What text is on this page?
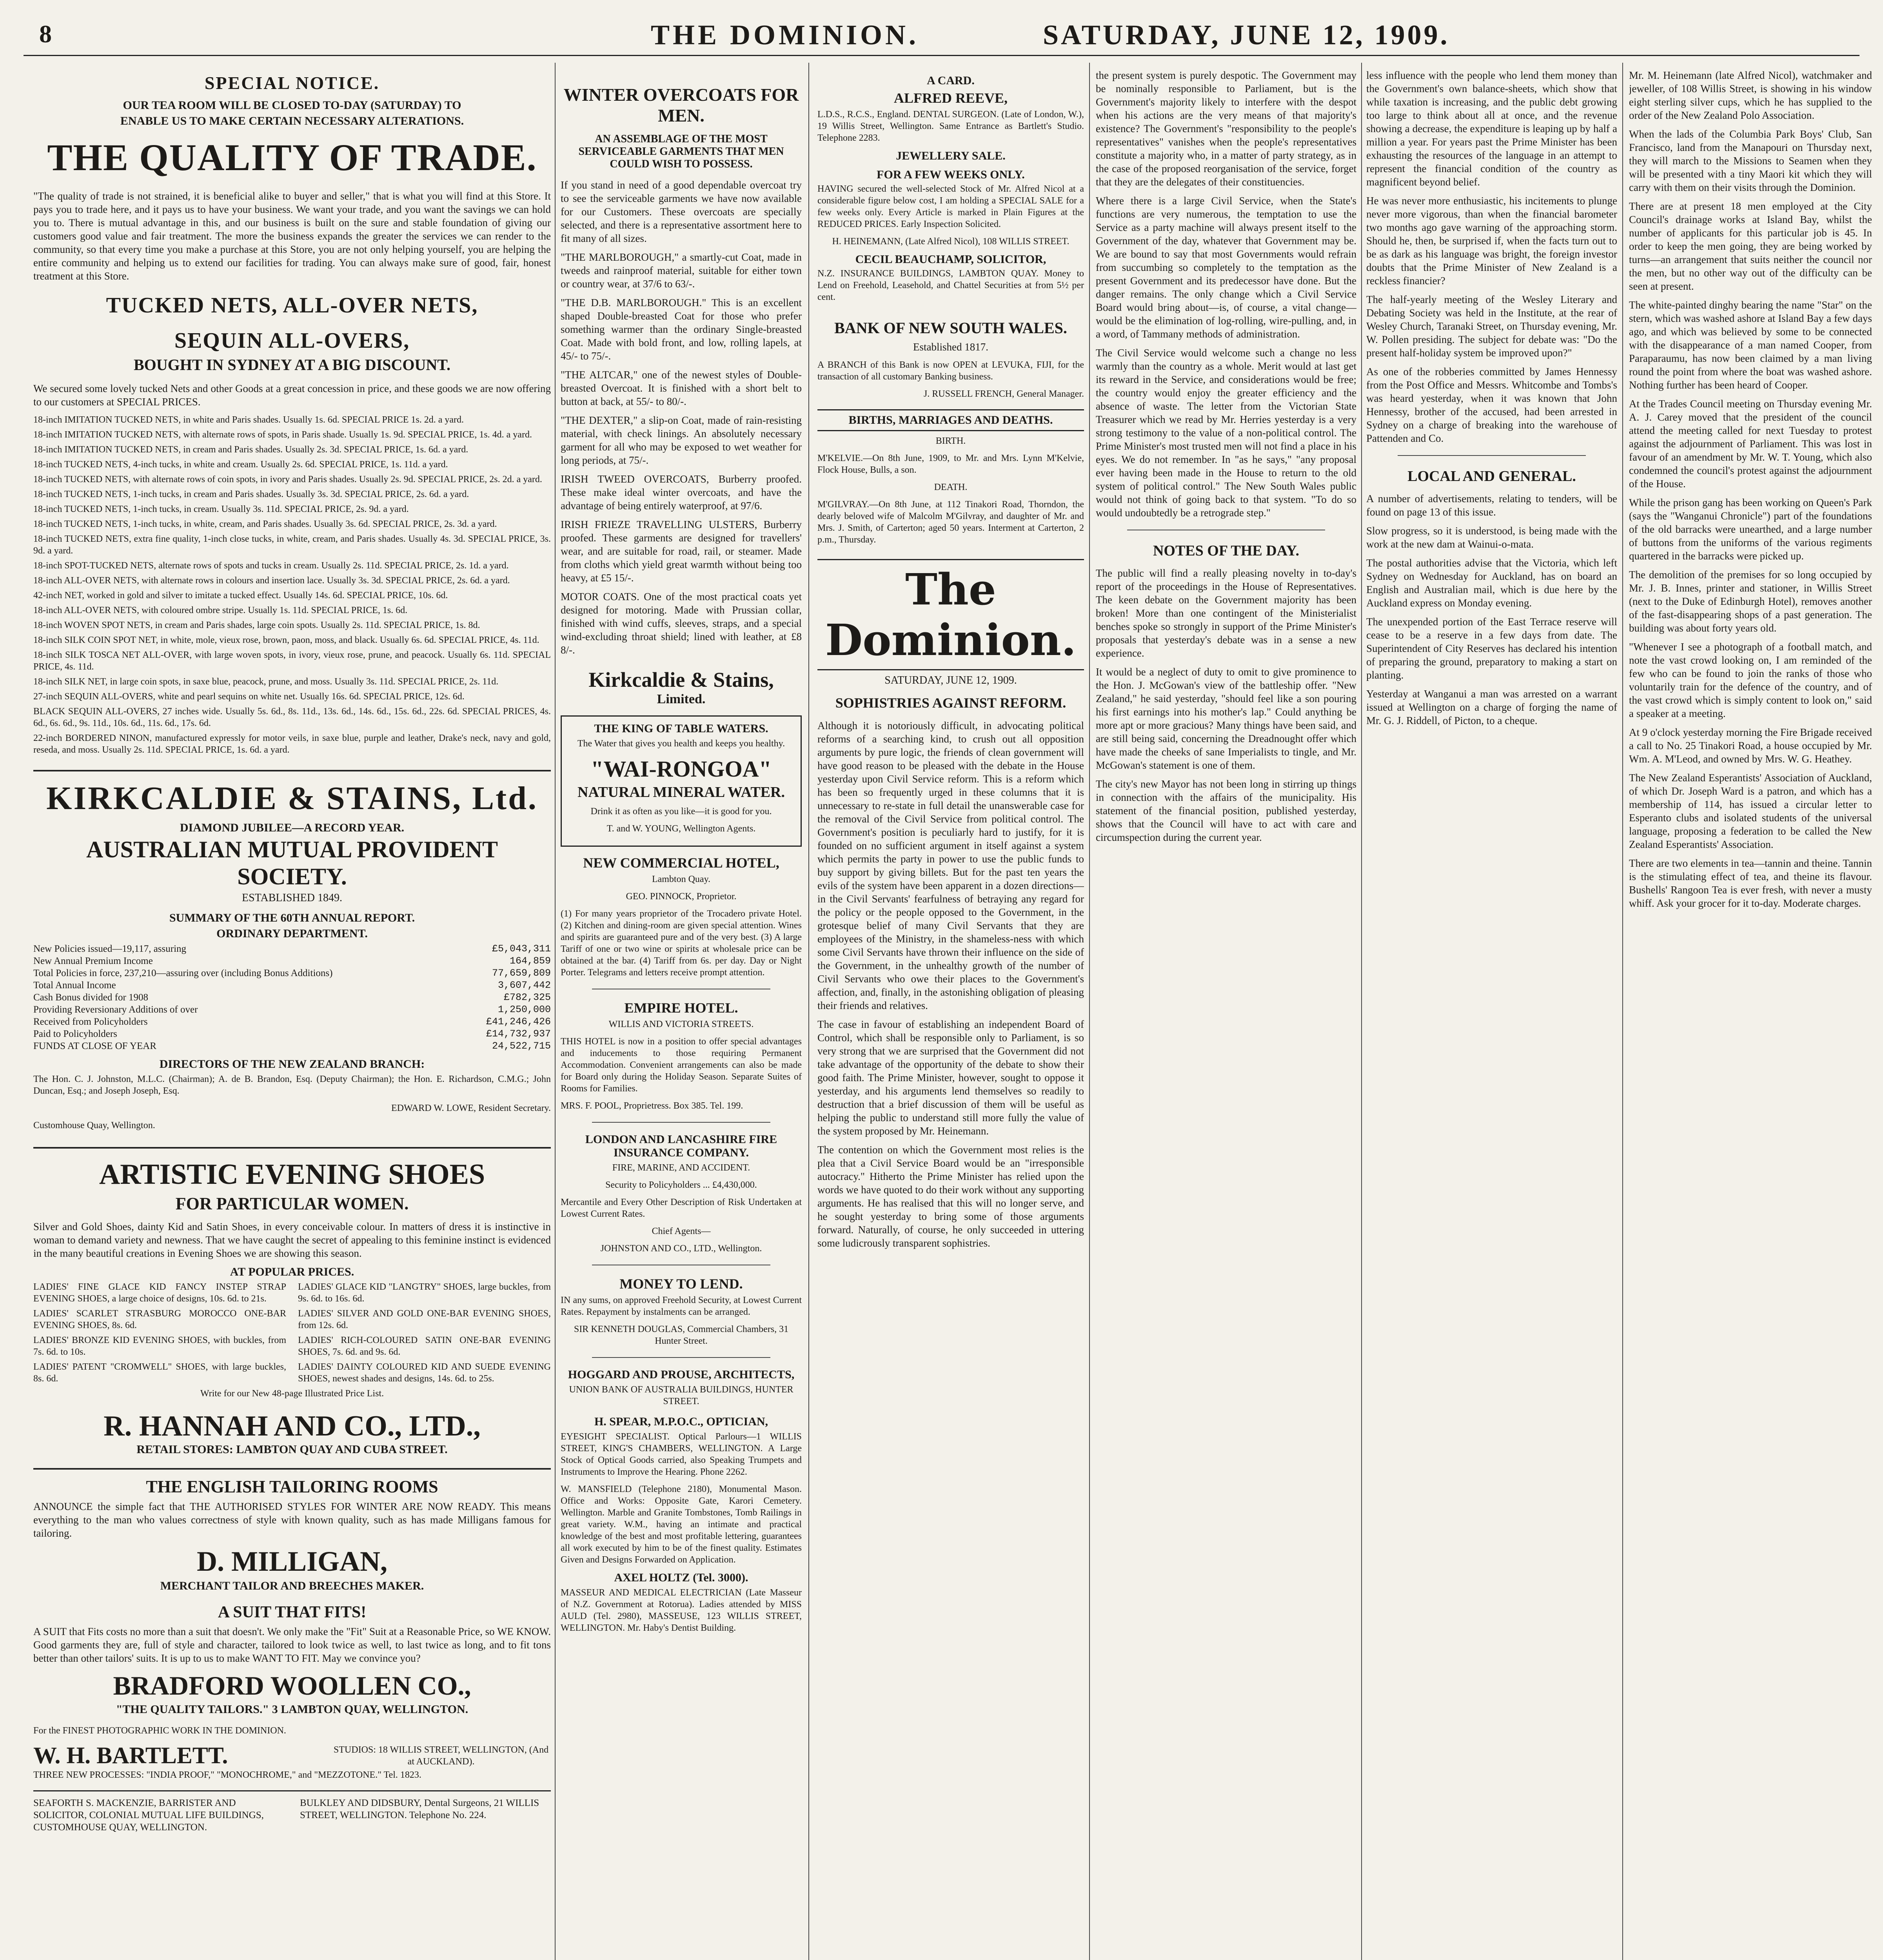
8	THE DOMINION.	SATURDAY, JUNE 12, 1909.
SPECIAL NOTICE.
OUR TEA ROOM WILL BE CLOSED TO-DAY (SATURDAY) TO
ENABLE US TO MAKE CERTAIN NECESSARY ALTERATIONS.
THE QUALITY OF TRADE.

"The quality of trade is not strained, it is beneficial alike to buyer and seller," that is what you will find at this Store. It pays you to trade here, and it pays us to have your business. We want your trade, and you want the savings we can hold you to. There is mutual advantage in this, and our business is built on the sure and stable foundation of giving our customers good value and fair treatment. The more the business expands the greater the services we can render to the community, so that every time you make a purchase at this Store, you are not only helping yourself, you are helping the entire community and helping us to extend our facilities for trading. You can always make sure of good, fair, honest treatment at this Store.

TUCKED NETS, ALL-OVER NETS,
SEQUIN ALL-OVERS,
BOUGHT IN SYDNEY AT A BIG DISCOUNT.

We secured some lovely tucked Nets and other Goods at a great concession in price, and these goods we are now offering to our customers at SPECIAL PRICES.

18-inch IMITATION TUCKED NETS, in white and Paris shades. Usually 1s. 6d. SPECIAL PRICE 1s. 2d. a yard.

18-inch IMITATION TUCKED NETS, with alternate rows of spots, in Paris shade. Usually 1s. 9d. SPECIAL PRICE, 1s. 4d. a yard.

18-inch IMITATION TUCKED NETS, in cream and Paris shades. Usually 2s. 3d. SPECIAL PRICE, 1s. 6d. a yard.

18-inch TUCKED NETS, 4-inch tucks, in white and cream. Usually 2s. 6d. SPECIAL PRICE, 1s. 11d. a yard.

18-inch TUCKED NETS, with alternate rows of coin spots, in ivory and Paris shades. Usually 2s. 9d. SPECIAL PRICE, 2s. 2d. a yard.

18-inch TUCKED NETS, 1-inch tucks, in cream and Paris shades. Usually 3s. 3d. SPECIAL PRICE, 2s. 6d. a yard.

18-inch TUCKED NETS, 1-inch tucks, in cream. Usually 3s. 11d. SPECIAL PRICE, 2s. 9d. a yard.

18-inch TUCKED NETS, 1-inch tucks, in white, cream, and Paris shades. Usually 3s. 6d. SPECIAL PRICE, 2s. 3d. a yard.

18-inch TUCKED NETS, extra fine quality, 1-inch close tucks, in white, cream, and Paris shades. Usually 4s. 3d. SPECIAL PRICE, 3s. 9d. a yard.

18-inch SPOT-TUCKED NETS, alternate rows of spots and tucks in cream. Usually 2s. 11d. SPECIAL PRICE, 2s. 1d. a yard.

18-inch ALL-OVER NETS, with alternate rows in colours and insertion lace. Usually 3s. 3d. SPECIAL PRICE, 2s. 6d. a yard.

42-inch NET, worked in gold and silver to imitate a tucked effect. Usually 14s. 6d. SPECIAL PRICE, 10s. 6d.

18-inch ALL-OVER NETS, with coloured ombre stripe. Usually 1s. 11d. SPECIAL PRICE, 1s. 6d.

18-inch WOVEN SPOT NETS, in cream and Paris shades, large coin spots. Usually 2s. 11d. SPECIAL PRICE, 1s. 8d.

18-inch SILK COIN SPOT NET, in white, mole, vieux rose, brown, paon, moss, and black. Usually 6s. 6d. SPECIAL PRICE, 4s. 11d.

18-inch SILK TOSCA NET ALL-OVER, with large woven spots, in ivory, vieux rose, prune, and peacock. Usually 6s. 11d. SPECIAL PRICE, 4s. 11d.

18-inch SILK NET, in large coin spots, in saxe blue, peacock, prune, and moss. Usually 3s. 11d. SPECIAL PRICE, 2s. 11d.

27-inch SEQUIN ALL-OVERS, white and pearl sequins on white net. Usually 16s. 6d. SPECIAL PRICE, 12s. 6d.

BLACK SEQUIN ALL-OVERS, 27 inches wide. Usually 5s. 6d., 8s. 11d., 13s. 6d., 14s. 6d., 15s. 6d., 22s. 6d. SPECIAL PRICES, 4s. 6d., 6s. 6d., 9s. 11d., 10s. 6d., 11s. 6d., 17s. 6d.

22-inch BORDERED NINON, manufactured expressly for motor veils, in saxe blue, purple and leather, Drake's neck, navy and gold, reseda, and moss. Usually 2s. 11d. SPECIAL PRICE, 1s. 6d. a yard.

KIRKCALDIE & STAINS, Ltd.
DIAMOND JUBILEE—A RECORD YEAR.
AUSTRALIAN MUTUAL PROVIDENT SOCIETY.
ESTABLISHED 1849.
SUMMARY OF THE 60TH ANNUAL REPORT.
ORDINARY DEPARTMENT.
New Policies issued—19,117, assuring	£5,043,311
New Annual Premium Income	164,859
Total Policies in force, 237,210—assuring over (including Bonus Additions)	77,659,809
Total Annual Income	3,607,442
Cash Bonus divided for 1908	£782,325
Providing Reversionary Additions of over	1,250,000
Received from Policyholders	£41,246,426
Paid to Policyholders	£14,732,937
FUNDS AT CLOSE OF YEAR	24,522,715
DIRECTORS OF THE NEW ZEALAND BRANCH:

The Hon. C. J. Johnston, M.L.C. (Chairman); A. de B. Brandon, Esq. (Deputy Chairman); the Hon. E. Richardson, C.M.G.; John Duncan, Esq.; and Joseph Joseph, Esq.

EDWARD W. LOWE, Resident Secretary.

Customhouse Quay, Wellington.

ARTISTIC EVENING SHOES
FOR PARTICULAR WOMEN.

Silver and Gold Shoes, dainty Kid and Satin Shoes, in every conceivable colour. In matters of dress it is instinctive in woman to demand variety and newness. That we have caught the secret of appealing to this feminine instinct is evidenced in the many beautiful creations in Evening Shoes we are showing this season.

AT POPULAR PRICES.

LADIES' FINE GLACE KID FANCY INSTEP STRAP EVENING SHOES, a large choice of designs, 10s. 6d. to 21s.

LADIES' SCARLET STRASBURG MOROCCO ONE-BAR EVENING SHOES, 8s. 6d.

LADIES' BRONZE KID EVENING SHOES, with buckles, from 7s. 6d. to 10s.

LADIES' PATENT "CROMWELL" SHOES, with large buckles, 8s. 6d.

LADIES' GLACE KID "LANGTRY" SHOES, large buckles, from 9s. 6d. to 16s. 6d.

LADIES' SILVER AND GOLD ONE-BAR EVENING SHOES, from 12s. 6d.

LADIES' RICH-COLOURED SATIN ONE-BAR EVENING SHOES, 7s. 6d. and 9s. 6d.

LADIES' DAINTY COLOURED KID AND SUEDE EVENING SHOES, newest shades and designs, 14s. 6d. to 25s.

Write for our New 48-page Illustrated Price List.

R. HANNAH AND CO., LTD.,
RETAIL STORES: LAMBTON QUAY AND CUBA STREET.
THE ENGLISH TAILORING ROOMS

ANNOUNCE the simple fact that THE AUTHORISED STYLES FOR WINTER ARE NOW READY. This means everything to the man who values correctness of style with known quality, such as has made Milligans famous for tailoring.

D. MILLIGAN,
MERCHANT TAILOR AND BREECHES MAKER.
A SUIT THAT FITS!

A SUIT that Fits costs no more than a suit that doesn't. We only make the "Fit" Suit at a Reasonable Price, so WE KNOW. Good garments they are, full of style and character, tailored to look twice as well, to last twice as long, and to fit tons better than other tailors' suits. It is up to us to make WANT TO FIT. May we convince you?

BRADFORD WOOLLEN CO.,
"THE QUALITY TAILORS." 3 LAMBTON QUAY, WELLINGTON.

For the FINEST PHOTOGRAPHIC WORK IN THE DOMINION.

W. H. BARTLETT.	STUDIOS: 18 WILLIS STREET, WELLINGTON, (And at AUCKLAND).

THREE NEW PROCESSES: "INDIA PROOF," "MONOCHROME," and "MEZZOTONE." Tel. 1823.

SEAFORTH S. MACKENZIE, BARRISTER AND SOLICITOR, COLONIAL MUTUAL LIFE BUILDINGS, CUSTOMHOUSE QUAY, WELLINGTON.
BULKLEY AND DIDSBURY, Dental Surgeons, 21 WILLIS STREET, WELLINGTON. Telephone No. 224.
WINTER OVERCOATS FOR MEN.
AN ASSEMBLAGE OF THE MOST SERVICEABLE GARMENTS THAT MEN COULD WISH TO POSSESS.

If you stand in need of a good dependable overcoat try to see the serviceable garments we have now available for our Customers. These overcoats are specially selected, and there is a representative assortment here to fit many of all sizes.

"THE MARLBOROUGH," a smartly-cut Coat, made in tweeds and rainproof material, suitable for either town or country wear, at 37/6 to 63/-.

"THE D.B. MARLBOROUGH." This is an excellent shaped Double-breasted Coat for those who prefer something warmer than the ordinary Single-breasted Coat. Made with bold front, and low, rolling lapels, at 45/- to 75/-.

"THE ALTCAR," one of the newest styles of Double-breasted Overcoat. It is finished with a short belt to button at back, at 55/- to 80/-.

"THE DEXTER," a slip-on Coat, made of rain-resisting material, with check linings. An absolutely necessary garment for all who may be exposed to wet weather for long periods, at 75/-.

IRISH TWEED OVERCOATS, Burberry proofed. These make ideal winter overcoats, and have the advantage of being entirely waterproof, at 97/6.

IRISH FRIEZE TRAVELLING ULSTERS, Burberry proofed. These garments are designed for travellers' wear, and are suitable for road, rail, or steamer. Made from cloths which yield great warmth without being too heavy, at £5 15/-.

MOTOR COATS. One of the most practical coats yet designed for motoring. Made with Prussian collar, finished with wind cuffs, sleeves, straps, and a special wind-excluding throat shield; lined with leather, at £8 8/-.

Kirkcaldie & Stains,
Limited.
THE KING OF TABLE WATERS.

The Water that gives you health and keeps you healthy.

"WAI-RONGOA"
NATURAL MINERAL WATER.

Drink it as often as you like—it is good for you.

T. and W. YOUNG, Wellington Agents.

NEW COMMERCIAL HOTEL,

Lambton Quay.

GEO. PINNOCK, Proprietor.

(1) For many years proprietor of the Trocadero private Hotel. (2) Kitchen and dining-room are given special attention. Wines and spirits are guaranteed pure and of the very best. (3) A large Tariff of one or two wine or spirits at wholesale price can be obtained at the bar. (4) Tariff from 6s. per day. Day or Night Porter. Telegrams and letters receive prompt attention.

EMPIRE HOTEL.

WILLIS AND VICTORIA STREETS.

THIS HOTEL is now in a position to offer special advantages and inducements to those requiring Permanent Accommodation. Convenient arrangements can also be made for Board only during the Holiday Season. Separate Suites of Rooms for Families.

MRS. F. POOL, Proprietress. Box 385. Tel. 199.

LONDON AND LANCASHIRE FIRE INSURANCE COMPANY.

FIRE, MARINE, AND ACCIDENT.

Security to Policyholders ... £4,430,000.

Mercantile and Every Other Description of Risk Undertaken at Lowest Current Rates.

Chief Agents—

JOHNSTON AND CO., LTD., Wellington.

MONEY TO LEND.

IN any sums, on approved Freehold Security, at Lowest Current Rates. Repayment by instalments can be arranged.

SIR KENNETH DOUGLAS, Commercial Chambers, 31 Hunter Street.

HOGGARD AND PROUSE, ARCHITECTS,

UNION BANK OF AUSTRALIA BUILDINGS, HUNTER STREET.

H. SPEAR, M.P.O.C., OPTICIAN,

EYESIGHT SPECIALIST. Optical Parlours—1 WILLIS STREET, KING'S CHAMBERS, WELLINGTON. A Large Stock of Optical Goods carried, also Speaking Trumpets and Instruments to Improve the Hearing. Phone 2262.

W. MANSFIELD (Telephone 2180), Monumental Mason. Office and Works: Opposite Gate, Karori Cemetery. Wellington. Marble and Granite Tombstones, Tomb Railings in great variety. W.M., having an intimate and practical knowledge of the best and most profitable lettering, guarantees all work executed by him to be of the finest quality. Estimates Given and Designs Forwarded on Application.

AXEL HOLTZ (Tel. 3000).

MASSEUR AND MEDICAL ELECTRICIAN (Late Masseur of N.Z. Government at Rotorua). Ladies attended by MISS AULD (Tel. 2980), MASSEUSE, 123 WILLIS STREET, WELLINGTON. Mr. Haby's Dentist Building.

A CARD.
ALFRED REEVE,

L.D.S., R.C.S., England. DENTAL SURGEON. (Late of London, W.), 19 Willis Street, Wellington. Same Entrance as Bartlett's Studio. Telephone 2283.

JEWELLERY SALE.
FOR A FEW WEEKS ONLY.

HAVING secured the well-selected Stock of Mr. Alfred Nicol at a considerable figure below cost, I am holding a SPECIAL SALE for a few weeks only. Every Article is marked in Plain Figures at the REDUCED PRICES. Early Inspection Solicited.

H. HEINEMANN, (Late Alfred Nicol), 108 WILLIS STREET.

CECIL BEAUCHAMP, SOLICITOR,

N.Z. INSURANCE BUILDINGS, LAMBTON QUAY. Money to Lend on Freehold, Leasehold, and Chattel Securities at from 5½ per cent.

BANK OF NEW SOUTH WALES.

Established 1817.

A BRANCH of this Bank is now OPEN at LEVUKA, FIJI, for the transaction of all customary Banking business.

J. RUSSELL FRENCH, General Manager.

BIRTHS, MARRIAGES AND DEATHS.

BIRTH.

M'KELVIE.—On 8th June, 1909, to Mr. and Mrs. Lynn M'Kelvie, Flock House, Bulls, a son.

DEATH.

M'GILVRAY.—On 8th June, at 112 Tinakori Road, Thorndon, the dearly beloved wife of Malcolm M'Gilvray, and daughter of Mr. and Mrs. J. Smith, of Carterton; aged 50 years. Interment at Carterton, 2 p.m., Thursday.

The Dominion.
SATURDAY, JUNE 12, 1909.
SOPHISTRIES AGAINST REFORM.

Although it is notoriously difficult, in advocating political reforms of a searching kind, to crush out all opposition arguments by pure logic, the friends of clean government will have good reason to be pleased with the debate in the House yesterday upon Civil Service reform. This is a reform which has been so frequently urged in these columns that it is unnecessary to re-state in full detail the unanswerable case for the removal of the Civil Service from political control. The Government's position is peculiarly hard to justify, for it is founded on no sufficient argument in itself against a system which permits the party in power to use the public funds to buy support by giving billets. But for the past ten years the evils of the system have been apparent in a dozen directions—in the Civil Servants' fearfulness of betraying any regard for the policy or the people opposed to the Government, in the grotesque belief of many Civil Servants that they are employees of the Ministry, in the shameless-ness with which some Civil Servants have thrown their influence on the side of the Government, in the unhealthy growth of the number of Civil Servants who owe their places to the Government's affection, and, finally, in the astonishing obligation of pleasing their friends and relatives.

The case in favour of establishing an independent Board of Control, which shall be responsible only to Parliament, is so very strong that we are surprised that the Government did not take advantage of the opportunity of the debate to show their good faith. The Prime Minister, however, sought to oppose it yesterday, and his arguments lend themselves so readily to destruction that a brief discussion of them will be useful as helping the public to understand still more fully the value of the system proposed by Mr. Heinemann.

The contention on which the Government most relies is the plea that a Civil Service Board would be an "irresponsible autocracy." Hitherto the Prime Minister has relied upon the words we have quoted to do their work without any supporting arguments. He has realised that this will no longer serve, and he sought yesterday to bring some of those arguments forward. Naturally, of course, he only succeeded in uttering some ludicrously transparent sophistries.

the present system is purely despotic. The Government may be nominally responsible to Parliament, but is the Government's majority likely to interfere with the despot when his actions are the very means of that majority's existence? The Government's "responsibility to the people's representatives" vanishes when the people's representatives constitute a majority who, in a matter of party strategy, as in the case of the proposed reorganisation of the service, forget that they are the delegates of their constituencies.

Where there is a large Civil Service, when the State's functions are very numerous, the temptation to use the Service as a party machine will always present itself to the Government of the day, whatever that Government may be. We are bound to say that most Governments would refrain from succumbing so completely to the temptation as the present Government and its predecessor have done. But the danger remains. The only change which a Civil Service Board would bring about—is, of course, a vital change—would be the elimination of log-rolling, wire-pulling, and, in a word, of Tammany methods of administration.

The Civil Service would welcome such a change no less warmly than the country as a whole. Merit would at last get its reward in the Service, and considerations would be free; the country would enjoy the greater efficiency and the absence of waste. The letter from the Victorian State Treasurer which we read by Mr. Herries yesterday is a very strong testimony to the value of a non-political control. The Prime Minister's most trusted men will not find a place in his eyes. We do not remember. In "as he says," "any proposal ever having been made in the House to return to the old system of political control." The New South Wales public would not think of going back to that system. "To do so would undoubtedly be a retrograde step."

NOTES OF THE DAY.

The public will find a really pleasing novelty in to-day's report of the proceedings in the House of Representatives. The keen debate on the Government majority has been broken! More than one contingent of the Ministerialist benches spoke so strongly in support of the Prime Minister's proposals that yesterday's debate was in a sense a new experience.

It would be a neglect of duty to omit to give prominence to the Hon. J. McGowan's view of the battleship offer. "New Zealand," he said yesterday, "should feel like a son pouring his first earnings into his mother's lap." Could anything be more apt or more gracious? Many things have been said, and are still being said, concerning the Dreadnought offer which have made the cheeks of sane Imperialists to tingle, and Mr. McGowan's statement is one of them.

The city's new Mayor has not been long in stirring up things in connection with the affairs of the municipality. His statement of the financial position, published yesterday, shows that the Council will have to act with care and circumspection during the current year.

less influence with the people who lend them money than the Government's own balance-sheets, which show that while taxation is increasing, and the public debt growing too large to think about all at once, and the revenue showing a decrease, the expenditure is leaping up by half a million a year. For years past the Prime Minister has been exhausting the resources of the language in an attempt to represent the financial condition of the country as magnificent beyond belief.

He was never more enthusiastic, his incitements to plunge never more vigorous, than when the financial barometer two months ago gave warning of the approaching storm. Should he, then, be surprised if, when the facts turn out to be as dark as his language was bright, the foreign investor doubts that the Prime Minister of New Zealand is a reckless financier?

The half-yearly meeting of the Wesley Literary and Debating Society was held in the Institute, at the rear of Wesley Church, Taranaki Street, on Thursday evening, Mr. W. Pollen presiding. The subject for debate was: "Do the present half-holiday system be improved upon?"

As one of the robberies committed by James Hennessy from the Post Office and Messrs. Whitcombe and Tombs's was heard yesterday, when it was known that John Hennessy, brother of the accused, had been arrested in Sydney on a charge of breaking into the warehouse of Pattenden and Co.

LOCAL AND GENERAL.

A number of advertisements, relating to tenders, will be found on page 13 of this issue.

Slow progress, so it is understood, is being made with the work at the new dam at Wainui-o-mata.

The postal authorities advise that the Victoria, which left Sydney on Wednesday for Auckland, has on board an English and Australian mail, which is due here by the Auckland express on Monday evening.

The unexpended portion of the East Terrace reserve will cease to be a reserve in a few days from date. The Superintendent of City Reserves has declared his intention of preparing the ground, preparatory to making a start on planting.

Yesterday at Wanganui a man was arrested on a warrant issued at Wellington on a charge of forging the name of Mr. G. J. Riddell, of Picton, to a cheque.

Mr. M. Heinemann (late Alfred Nicol), watchmaker and jeweller, of 108 Willis Street, is showing in his window eight sterling silver cups, which he has supplied to the order of the New Zealand Polo Association.

When the lads of the Columbia Park Boys' Club, San Francisco, land from the Manapouri on Thursday next, they will march to the Missions to Seamen when they will be presented with a tiny Maori kit which they will carry with them on their visits through the Dominion.

There are at present 18 men employed at the City Council's drainage works at Island Bay, whilst the number of applicants for this particular job is 45. In order to keep the men going, they are being worked by turns—an arrangement that suits neither the council nor the men, but no other way out of the difficulty can be seen at present.

The white-painted dinghy bearing the name "Star" on the stern, which was washed ashore at Island Bay a few days ago, and which was believed by some to be connected with the disappearance of a man named Cooper, from Paraparaumu, has now been claimed by a man living round the point from where the boat was washed ashore. Nothing further has been heard of Cooper.

At the Trades Council meeting on Thursday evening Mr. A. J. Carey moved that the president of the council attend the meeting called for next Tuesday to protest against the adjournment of Parliament. This was lost in favour of an amendment by Mr. W. T. Young, which also condemned the council's protest against the adjournment of the House.

While the prison gang has been working on Queen's Park (says the "Wanganui Chronicle") part of the foundations of the old barracks were unearthed, and a large number of buttons from the uniforms of the various regiments quartered in the barracks were picked up.

The demolition of the premises for so long occupied by Mr. J. B. Innes, printer and stationer, in Willis Street (next to the Duke of Edinburgh Hotel), removes another of the fast-disappearing shops of a past generation. The building was about forty years old.

"Whenever I see a photograph of a football match, and note the vast crowd looking on, I am reminded of the few who can be found to join the ranks of those who voluntarily train for the defence of the country, and of the vast crowd which is simply content to look on," said a speaker at a meeting.

At 9 o'clock yesterday morning the Fire Brigade received a call to No. 25 Tinakori Road, a house occupied by Mr. Wm. A. M'Leod, and owned by Mrs. W. G. Heathey.

The New Zealand Esperantists' Association of Auckland, of which Dr. Joseph Ward is a patron, and which has a membership of 114, has issued a circular letter to Esperanto clubs and isolated students of the universal language, proposing a federation to be called the New Zealand Esperantists' Association.

There are two elements in tea—tannin and theine. Tannin is the stimulating effect of tea, and theine its flavour. Bushells' Rangoon Tea is ever fresh, with never a musty whiff. Ask your grocer for it to-day. Moderate charges.
